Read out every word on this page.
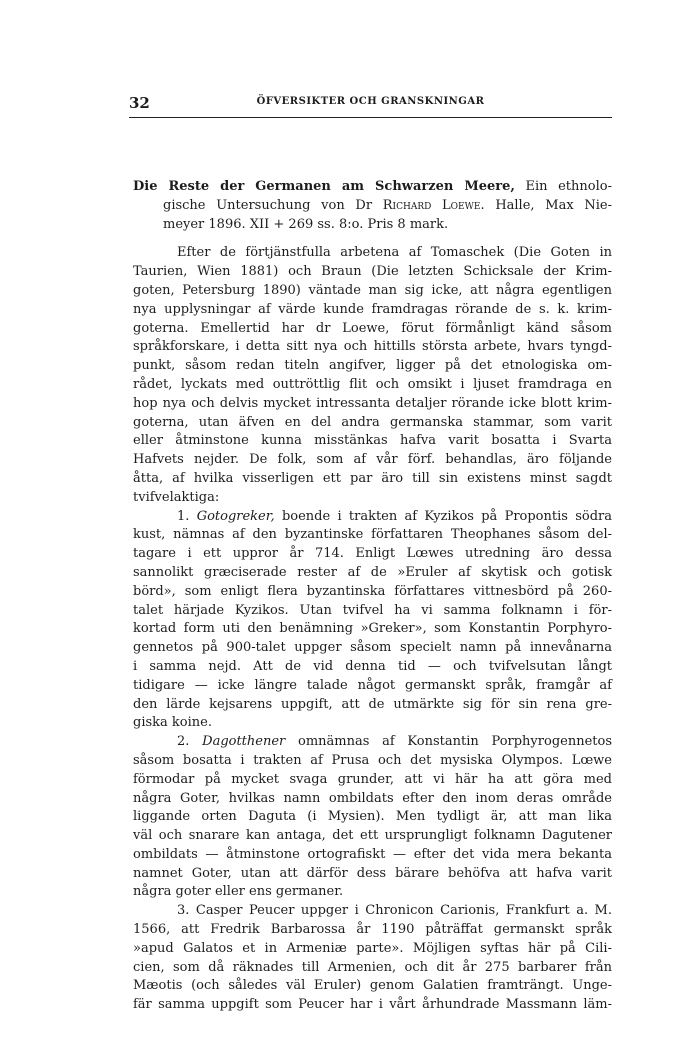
32	ÖFVERSIKTER OCH GRANSKNINGAR
Die Reste der Germanen am Schwarzen Meere, Ein ethnolo-
gische Untersuchung von Dr Richard Loewe. Halle, Max Nie-
meyer 1896. XII + 269 ss. 8:o. Pris 8 mark.
Efter de förtjänstfulla arbetena af Tomaschek (Die Goten in
Taurien, Wien 1881) och Braun (Die letzten Schicksale der Krim-
goten, Petersburg 1890) väntade man sig icke, att några egentligen
nya upplysningar af värde kunde framdragas rörande de s. k. krim-
goterna. Emellertid har dr Loewe, förut förmånligt känd såsom
språkforskare, i detta sitt nya och hittills största arbete, hvars tyngd-
punkt, såsom redan titeln angifver, ligger på det etnologiska om-
rådet, lyckats med outtröttlig flit och omsikt i ljuset framdraga en
hop nya och delvis mycket intressanta detaljer rörande icke blott krim-
goterna, utan äfven en del andra germanska stammar, som varit
eller åtminstone kunna misstänkas hafva varit bosatta i Svarta
Hafvets nejder. De folk, som af vår förf. behandlas, äro följande
åtta, af hvilka visserligen ett par äro till sin existens minst sagdt
tvifvelaktiga:
1. Gotogreker, boende i trakten af Kyzikos på Propontis södra
kust, nämnas af den byzantinske författaren Theophanes såsom del-
tagare i ett uppror år 714. Enligt Lœwes utredning äro dessa
sannolikt græciserade rester af de »Eruler af skytisk och gotisk
börd», som enligt flera byzantinska författares vittnesbörd på 260-
talet härjade Kyzikos. Utan tvifvel ha vi samma folknamn i för-
kortad form uti den benämning »Greker», som Konstantin Porphyro-
gennetos på 900-talet uppger såsom specielt namn på innevånarna
i samma nejd. Att de vid denna tid — och tvifvelsutan långt
tidigare — icke längre talade något germanskt språk, framgår af
den lärde kejsarens uppgift, att de utmärkte sig för sin rena gre-
giska koine.
2. Dagotthener omnämnas af Konstantin Porphyrogennetos
såsom bosatta i trakten af Prusa och det mysiska Olympos. Lœwe
förmodar på mycket svaga grunder, att vi här ha att göra med
några Goter, hvilkas namn ombildats efter den inom deras område
liggande orten Daguta (i Mysien). Men tydligt är, att man lika
väl och snarare kan antaga, det ett ursprungligt folknamn Dagutener
ombildats — åtminstone ortografiskt — efter det vida mera bekanta
namnet Goter, utan att därför dess bärare behöfva att hafva varit
några goter eller ens germaner.
3. Casper Peucer uppger i Chronicon Carionis, Frankfurt a. M.
1566, att Fredrik Barbarossa år 1190 påträffat germanskt språk
»apud Galatos et in Armeniæ parte». Möjligen syftas här på Cili-
cien, som då räknades till Armenien, och dit år 275 barbarer från
Mæotis (och således väl Eruler) genom Galatien framträngt. Unge-
fär samma uppgift som Peucer har i vårt århundrade Massmann läm-
